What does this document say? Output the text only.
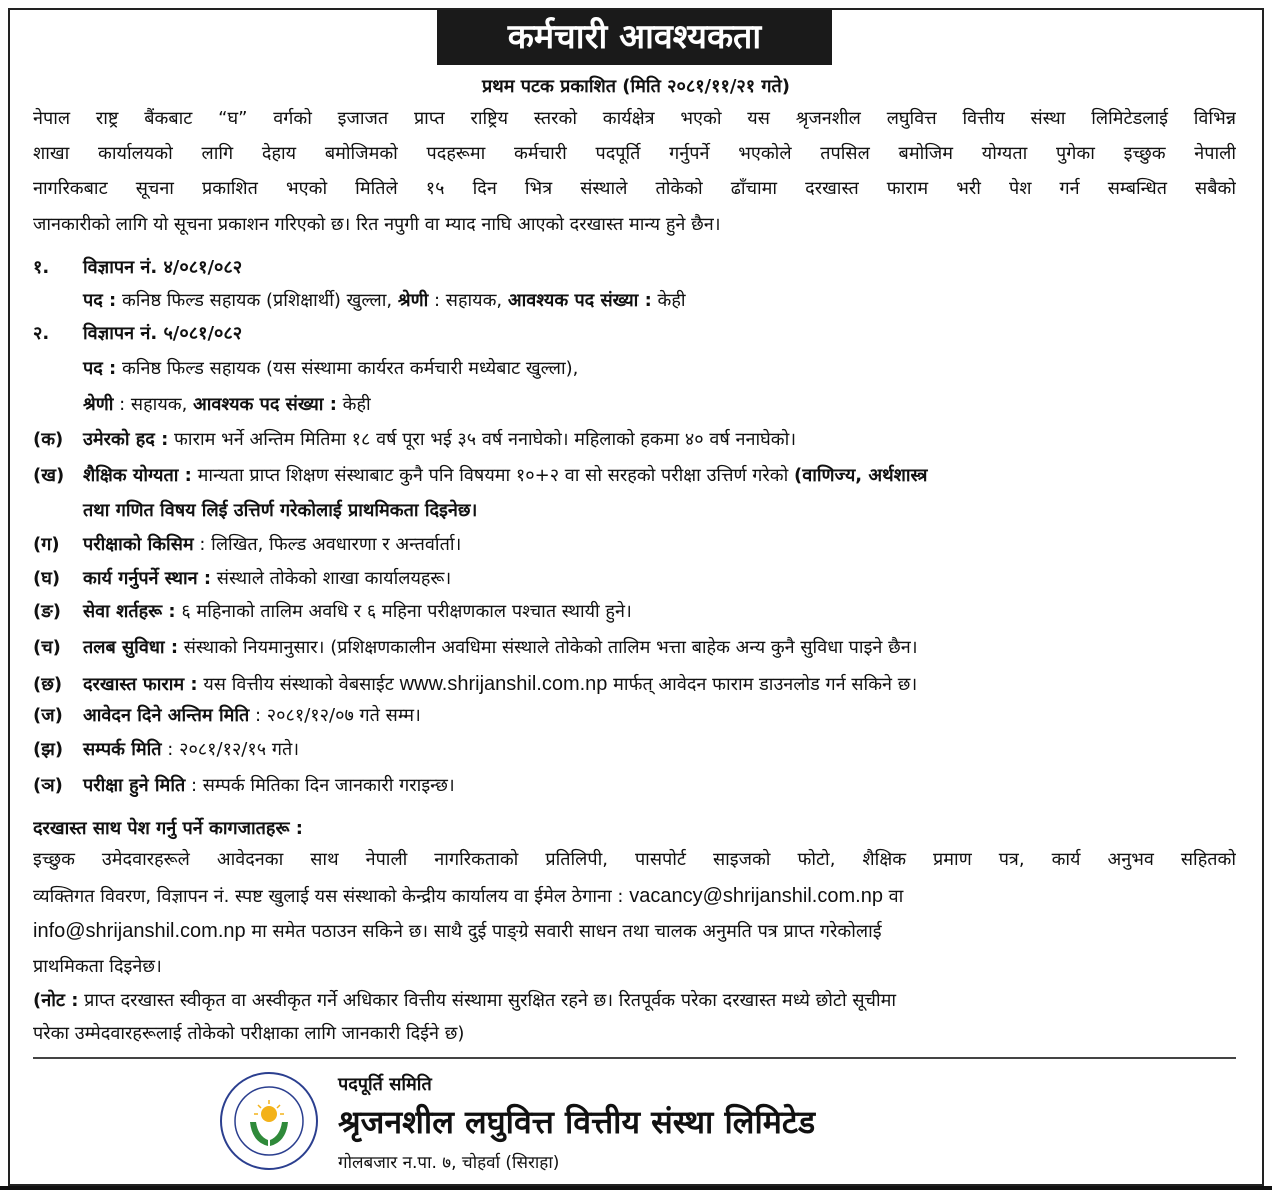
कर्मचारी आवश्यकता
प्रथम पटक प्रकाशित (मिति २०८१/११/२१ गते)
नेपाल राष्ट्र बैंकबाट “घ” वर्गको इजाजत प्राप्त राष्ट्रिय स्तरको कार्यक्षेत्र भएको यस श्रृजनशील लघुवित्त वित्तीय संस्था लिमिटेडलाई विभिन्न
शाखा कार्यालयको लागि देहाय बमोजिमको पदहरूमा कर्मचारी पदपूर्ति गर्नुपर्ने भएकोले तपसिल बमोजिम योग्यता पुगेका इच्छुक नेपाली
नागरिकबाट सूचना प्रकाशित भएको मितिले १५ दिन भित्र संस्थाले तोकेको ढाँचामा दरखास्त फाराम भरी पेश गर्न सम्बन्धित सबैको
जानकारीको लागि यो सूचना प्रकाशन गरिएको छ। रित नपुगी वा म्याद नाघि आएको दरखास्त मान्य हुने छैन।
१. विज्ञापन नं. ४/०८१/०८२
पद : कनिष्ठ फिल्ड सहायक (प्रशिक्षार्थी) खुल्ला, श्रेणी : सहायक, आवश्यक पद संख्या : केही
२. विज्ञापन नं. ५/०८१/०८२
पद : कनिष्ठ फिल्ड सहायक (यस संस्थामा कार्यरत कर्मचारी मध्येबाट खुल्ला),
श्रेणी : सहायक, आवश्यक पद संख्या : केही
(क) उमेरको हद : फाराम भर्ने अन्तिम मितिमा १८ वर्ष पूरा भई ३५ वर्ष ननाघेको। महिलाको हकमा ४० वर्ष ननाघेको।
(ख) शैक्षिक योग्यता : मान्यता प्राप्त शिक्षण संस्थाबाट कुनै पनि विषयमा १०+२ वा सो सरहको परीक्षा उत्तिर्ण गरेको (वाणिज्य, अर्थशास्त्र
तथा गणित विषय लिई उत्तिर्ण गरेकोलाई प्राथमिकता दिइनेछ।
(ग) परीक्षाको किसिम : लिखित, फिल्ड अवधारणा र अन्तर्वार्ता।
(घ) कार्य गर्नुपर्ने स्थान : संस्थाले तोकेको शाखा कार्यालयहरू।
(ङ) सेवा शर्तहरू : ६ महिनाको तालिम अवधि र ६ महिना परीक्षणकाल पश्चात स्थायी हुने।
(च) तलब सुविधा : संस्थाको नियमानुसार। (प्रशिक्षणकालीन अवधिमा संस्थाले तोकेको तालिम भत्ता बाहेक अन्य कुनै सुविधा पाइने छैन।
(छ) दरखास्त फाराम : यस वित्तीय संस्थाको वेबसाईट www.shrijanshil.com.np मार्फत् आवेदन फाराम डाउनलोड गर्न सकिने छ।
(ज) आवेदन दिने अन्तिम मिति : २०८१/१२/०७ गते सम्म।
(झ) सम्पर्क मिति : २०८१/१२/१५ गते।
(ञ) परीक्षा हुने मिति : सम्पर्क मितिका दिन जानकारी गराइन्छ।
दरखास्त साथ पेश गर्नु पर्ने कागजातहरू :
इच्छुक उमेदवारहरूले आवेदनका साथ नेपाली नागरिकताको प्रतिलिपी, पासपोर्ट साइजको फोटो, शैक्षिक प्रमाण पत्र, कार्य अनुभव सहितको
व्यक्तिगत विवरण, विज्ञापन नं. स्पष्ट खुलाई यस संस्थाको केन्द्रीय कार्यालय वा ईमेल ठेगाना : vacancy@shrijanshil.com.np वा
info@shrijanshil.com.np मा समेत पठाउन सकिने छ। साथै दुई पाङ्ग्रे सवारी साधन तथा चालक अनुमति पत्र प्राप्त गरेकोलाई
प्राथमिकता दिइनेछ।
(नोट : प्राप्त दरखास्त स्वीकृत वा अस्वीकृत गर्ने अधिकार वित्तीय संस्थामा सुरक्षित रहने छ। रितपूर्वक परेका दरखास्त मध्ये छोटो सूचीमा
परेका उम्मेदवारहरूलाई तोकेको परीक्षाका लागि जानकारी दिईने छ)
पदपूर्ति समिति
श्रृजनशील लघुवित्त वित्तीय संस्था लिमिटेड
गोलबजार न.पा. ७, चोहर्वा (सिराहा)
